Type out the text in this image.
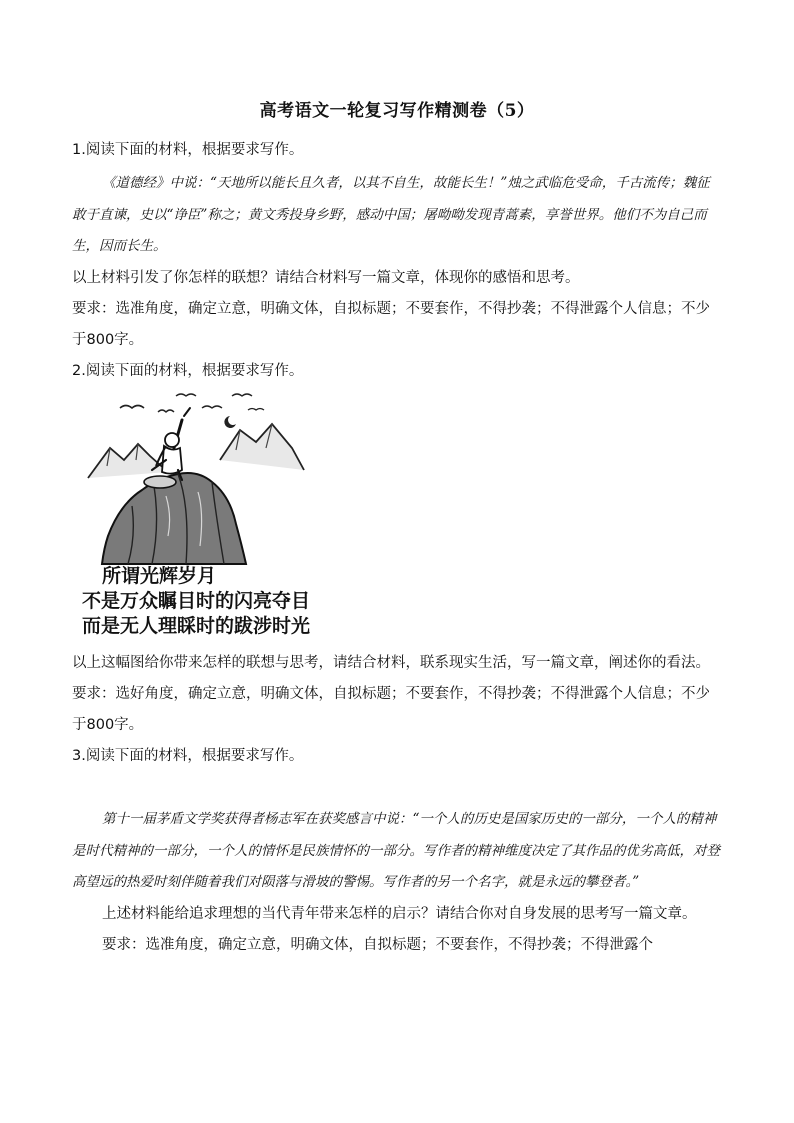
高考语文一轮复习写作精测卷（5）

1.阅读下面的材料，根据要求写作。

《道德经》中说：“天地所以能长且久者，以其不自生，故能长生！”烛之武临危受命，千古流传；魏征敢于直谏，史以“诤臣”称之；黄文秀投身乡野，感动中国；屠呦呦发现青蒿素，享誉世界。他们不为自己而生，因而长生。

以上材料引发了你怎样的联想？请结合材料写一篇文章，体现你的感悟和思考。

要求：选准角度，确定立意，明确文体，自拟标题；不要套作，不得抄袭；不得泄露个人信息；不少于800字。

2.阅读下面的材料，根据要求写作。

所谓光辉岁月
不是万众瞩目时的闪亮夺目
而是无人理睬时的跋涉时光

以上这幅图给你带来怎样的联想与思考，请结合材料，联系现实生活，写一篇文章，阐述你的看法。

要求：选好角度，确定立意，明确文体，自拟标题；不要套作，不得抄袭；不得泄露个人信息；不少于800字。

3.阅读下面的材料，根据要求写作。

第十一届茅盾文学奖获得者杨志军在获奖感言中说：“一个人的历史是国家历史的一部分，一个人的精神是时代精神的一部分，一个人的情怀是民族情怀的一部分。写作者的精神维度决定了其作品的优劣高低，对登高望远的热爱时刻伴随着我们对陨落与滑坡的警惕。写作者的另一个名字，就是永远的攀登者。”

上述材料能给追求理想的当代青年带来怎样的启示？请结合你对自身发展的思考写一篇文章。

要求：选准角度，确定立意，明确文体，自拟标题；不要套作，不得抄袭；不得泄露个
